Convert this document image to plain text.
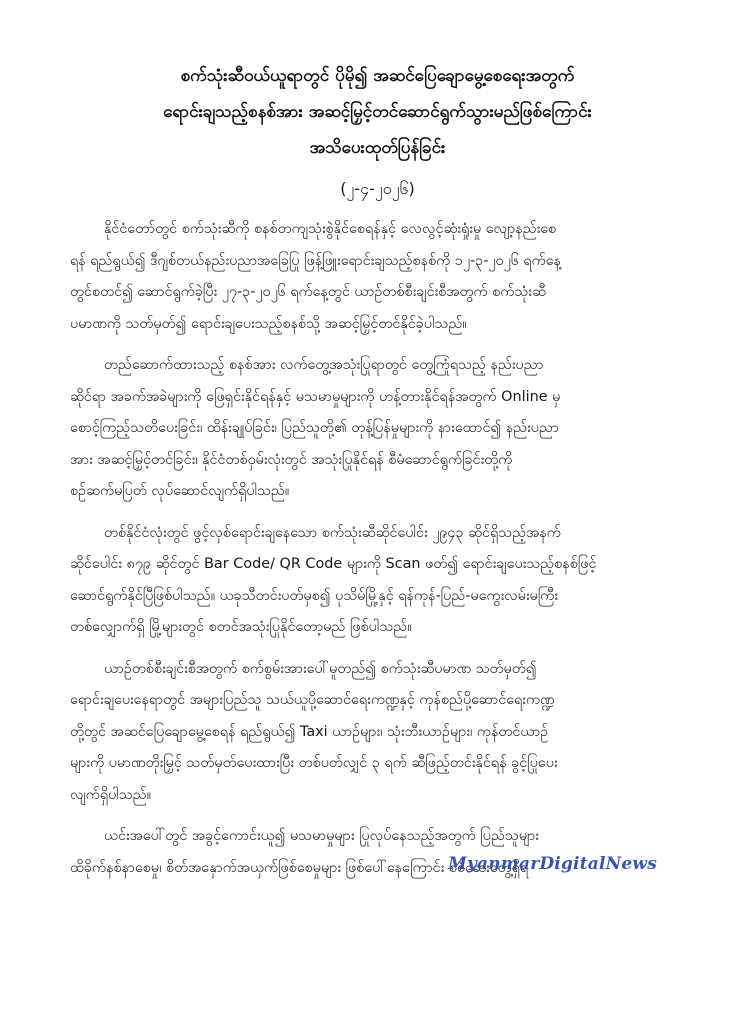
စက်သုံးဆီဝယ်ယူရာတွင် ပိုမို၍ အဆင်ပြေချောမွေ့စေရေးအတွက်
ရောင်းချသည့်စနစ်အား အဆင့်မြှင့်တင်ဆောင်ရွက်သွားမည်ဖြစ်ကြောင်း
အသိပေးထုတ်ပြန်ခြင်း
(၂-၄-၂၀၂၆)

နိုင်ငံတော်တွင် စက်သုံးဆီကို စနစ်တကျသုံးစွဲနိုင်စေရန်နှင့် လေလွင့်ဆုံးရှုံးမှု လျော့နည်းစေ
ရန် ရည်ရွယ်၍ ဒီဂျစ်တယ်နည်းပညာအခြေပြု ဖြန့်ဖြူးရောင်းချသည့်စနစ်ကို ၁၂-၃-၂၀၂၆ ရက်နေ့
တွင်စတင်၍ ဆောင်ရွက်ခဲ့ပြီး ၂၇-၃-၂၀၂၆ ရက်နေ့တွင် ယာဉ်တစ်စီးချင်းစီအတွက် စက်သုံးဆီ
ပမာဏကို သတ်မှတ်၍ ရောင်းချပေးသည့်စနစ်သို့ အဆင့်မြှင့်တင်နိုင်ခဲ့ပါသည်။

တည်ဆောက်ထားသည့် စနစ်အား လက်တွေ့အသုံးပြုရာတွင် တွေ့ကြုံရသည့် နည်းပညာ
ဆိုင်ရာ အခက်အခဲများကို ဖြေရှင်းနိုင်ရန်နှင့် မသမာမှုများကို ဟန့်တားနိုင်ရန်အတွက် Online မှ
စောင့်ကြည့်သတိပေးခြင်း၊ ထိန်းချုပ်ခြင်း၊ ပြည်သူတို့၏ တုန့်ပြန်မှုများကို နားထောင်၍ နည်းပညာ
အား အဆင့်မြှင့်တင်ခြင်း၊ နိုင်ငံတစ်ဝှမ်းလုံးတွင် အသုံးပြုနိုင်ရန် စီမံဆောင်ရွက်ခြင်းတို့ကို
စဉ်ဆက်မပြတ် လုပ်ဆောင်လျက်ရှိပါသည်။

တစ်နိုင်ငံလုံးတွင် ဖွင့်လှစ်ရောင်းချနေသော စက်သုံးဆီဆိုင်ပေါင်း ၂၉၄၃ ဆိုင်ရှိသည့်အနက်
ဆိုင်ပေါင်း ၈၇၉ ဆိုင်တွင် Bar Code/ QR Code များကို Scan ဖတ်၍ ရောင်းချပေးသည့်စနစ်ဖြင့်
ဆောင်ရွက်နိုင်ပြီဖြစ်ပါသည်။ ယခုသီတင်းပတ်မှစ၍ ပုသိမ်မြို့နှင့် ရန်ကုန်-ပြည်-မကွေးလမ်းမကြီး
တစ်လျှောက်ရှိ မြို့များတွင် စတင်အသုံးပြုနိုင်တော့မည် ဖြစ်ပါသည်။

ယာဉ်တစ်စီးချင်းစီအတွက် စက်စွမ်းအားပေါ်မူတည်၍ စက်သုံးဆီပမာဏ သတ်မှတ်၍
ရောင်းချပေးနေရာတွင် အများပြည်သူ သယ်ယူပို့ဆောင်ရေးကဏ္ဍနှင့် ကုန်စည်ပို့ဆောင်ရေးကဏ္ဍ
တို့တွင် အဆင်ပြေချောမွေ့စေရန် ရည်ရွယ်၍ Taxi ယာဉ်များ၊ သုံးဘီးယာဉ်များ၊ ကုန်တင်ယာဉ်
များကို ပမာဏတိုးမြှင့် သတ်မှတ်ပေးထားပြီး တစ်ပတ်လျှင် ၃ ရက် ဆီဖြည့်တင်းနိုင်ရန် ခွင့်ပြုပေး
လျက်ရှိပါသည်။

ယင်းအပေါ်တွင် အခွင့်ကောင်းယူ၍ မသမာမှုများ ပြုလုပ်နေသည့်အတွက် ပြည်သူများ
ထိခိုက်နစ်နာစေမှု၊ စိတ်အနှောက်အယှက်ဖြစ်စေမှုများ ဖြစ်ပေါ်နေကြောင်း စစ်ဆေးတွေ့ရှိရ

MyanmarDigitalNews
